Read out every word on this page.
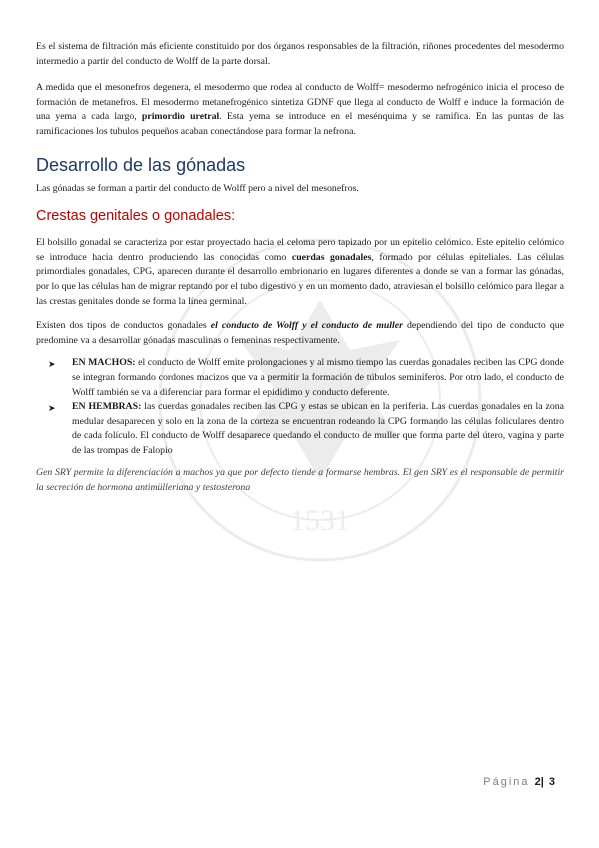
1531

Es el sistema de filtración más eficiente constituido por dos órganos responsables de la filtración, riñones procedentes del mesodermo intermedio a partir del conducto de Wolff de la parte dorsal.

A medida que el mesonefros degenera, el mesodermo que rodea al conducto de Wolff= mesodermo nefrogénico inicia el proceso de formación de metanefros. El mesodermo metanefrogénico sintetiza GDNF que llega al conducto de Wolff e induce la formación de una yema a cada largo, primordio uretral. Esta yema se introduce en el mesénquima y se ramifica. En las puntas de las ramificaciones los tubulos pequeños acaban conectándose para formar la nefrona.

Desarrollo de las gónadas

Las gónadas se forman a partir del conducto de Wolff pero a nivel del mesonefros.

Crestas genitales o gonadales:

El bolsillo gonadal se caracteriza por estar proyectado hacia el celoma pero tapizado por un epitelio celómico. Este epitelio celómico se introduce hacia dentro produciendo las conocidas como cuerdas gonadales, formado por células epiteliales. Las células primordiales gonadales, CPG, aparecen durante el desarrollo embrionario en lugares diferentes a donde se van a formar las gónadas, por lo que las células han de migrar reptando por el tubo digestivo y en un momento dado, atraviesan el bolsillo celómico para llegar a las crestas genitales donde se forma la línea germinal.

Existen dos tipos de conductos gonadales el conducto de Wolff y el conducto de muller dependiendo del tipo de conducto que predomine va a desarrollar gónadas masculinas o femeninas respectivamente.

➤ EN MACHOS: el conducto de Wolff emite prolongaciones y al mismo tiempo las cuerdas gonadales reciben las CPG donde se integran formando cordones macizos que va a permitir la formación de túbulos seminíferos. Por otro lado, el conducto de Wolff también se va a diferenciar para formar el epididimo y conducto deferente.
➤ EN HEMBRAS: las cuerdas gonadales reciben las CPG y estas se ubican en la periferia. Las cuerdas gonadales en la zona medular desaparecen y solo en la zona de la corteza se encuentran rodeando la CPG formando las células foliculares dentro de cada folículo. El conducto de Wolff desaparece quedando el conducto de muller que forma parte del útero, vagina y parte de las trompas de Falopio

Gen SRY permite la diferenciación a machos ya que por defecto tiende a formarse hembras. El gen SRY es el responsable de permitir la secreción de hormona antimülleriana y testosterona

Página 2| 3
